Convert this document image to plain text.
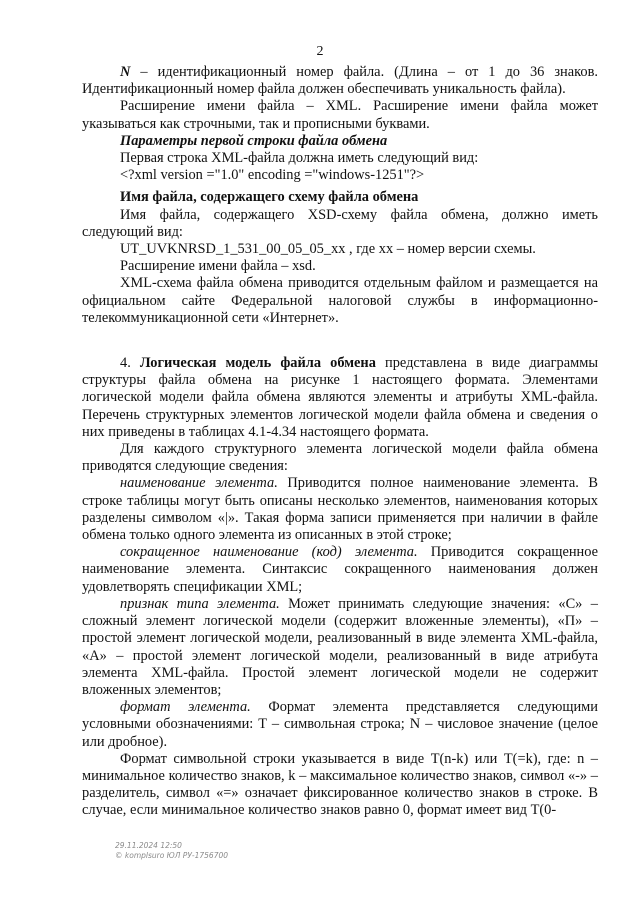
2

N – идентификационный номер файла. (Длина – от 1 до 36 знаков. Идентификационный номер файла должен обеспечивать уникальность файла).

Расширение имени файла – XML. Расширение имени файла может указываться как строчными, так и прописными буквами.

Параметры первой строки файла обмена

Первая строка XML-файла должна иметь следующий вид:

<?xml version ="1.0" encoding ="windows-1251"?>

Имя файла, содержащего схему файла обмена

Имя файла, содержащего XSD-схему файла обмена, должно иметь следующий вид:

UT_UVKNRSD_1_531_00_05_05_xx , где xx – номер версии схемы.

Расширение имени файла – xsd.

XML-схема файла обмена приводится отдельным файлом и размещается на официальном сайте Федеральной налоговой службы в информационно-телекоммуникационной сети «Интернет».

4. Логическая модель файла обмена представлена в виде диаграммы структуры файла обмена на рисунке 1 настоящего формата. Элементами логической модели файла обмена являются элементы и атрибуты XML-файла. Перечень структурных элементов логической модели файла обмена и сведения о них приведены в таблицах 4.1-4.34 настоящего формата.

Для каждого структурного элемента логической модели файла обмена приводятся следующие сведения:

наименование элемента. Приводится полное наименование элемента. В строке таблицы могут быть описаны несколько элементов, наименования которых разделены символом «|». Такая форма записи применяется при наличии в файле обмена только одного элемента из описанных в этой строке;

сокращенное наименование (код) элемента. Приводится сокращенное наименование элемента. Синтаксис сокращенного наименования должен удовлетворять спецификации XML;

признак типа элемента. Может принимать следующие значения: «С» – сложный элемент логической модели (содержит вложенные элементы), «П» – простой элемент логической модели, реализованный в виде элемента XML-файла, «А» – простой элемент логической модели, реализованный в виде атрибута элемента XML-файла. Простой элемент логической модели не содержит вложенных элементов;

формат элемента. Формат элемента представляется следующими условными обозначениями: T – символьная строка; N – числовое значение (целое или дробное).

Формат символьной строки указывается в виде T(n-k) или T(=k), где: n – минимальное количество знаков, k – максимальное количество знаков, символ «-» – разделитель, символ «=» означает фиксированное количество знаков в строке. В случае, если минимальное количество знаков равно 0, формат имеет вид T(0-

29.11.2024 12:50
© komplsuro ЮЛ РУ-1756700
